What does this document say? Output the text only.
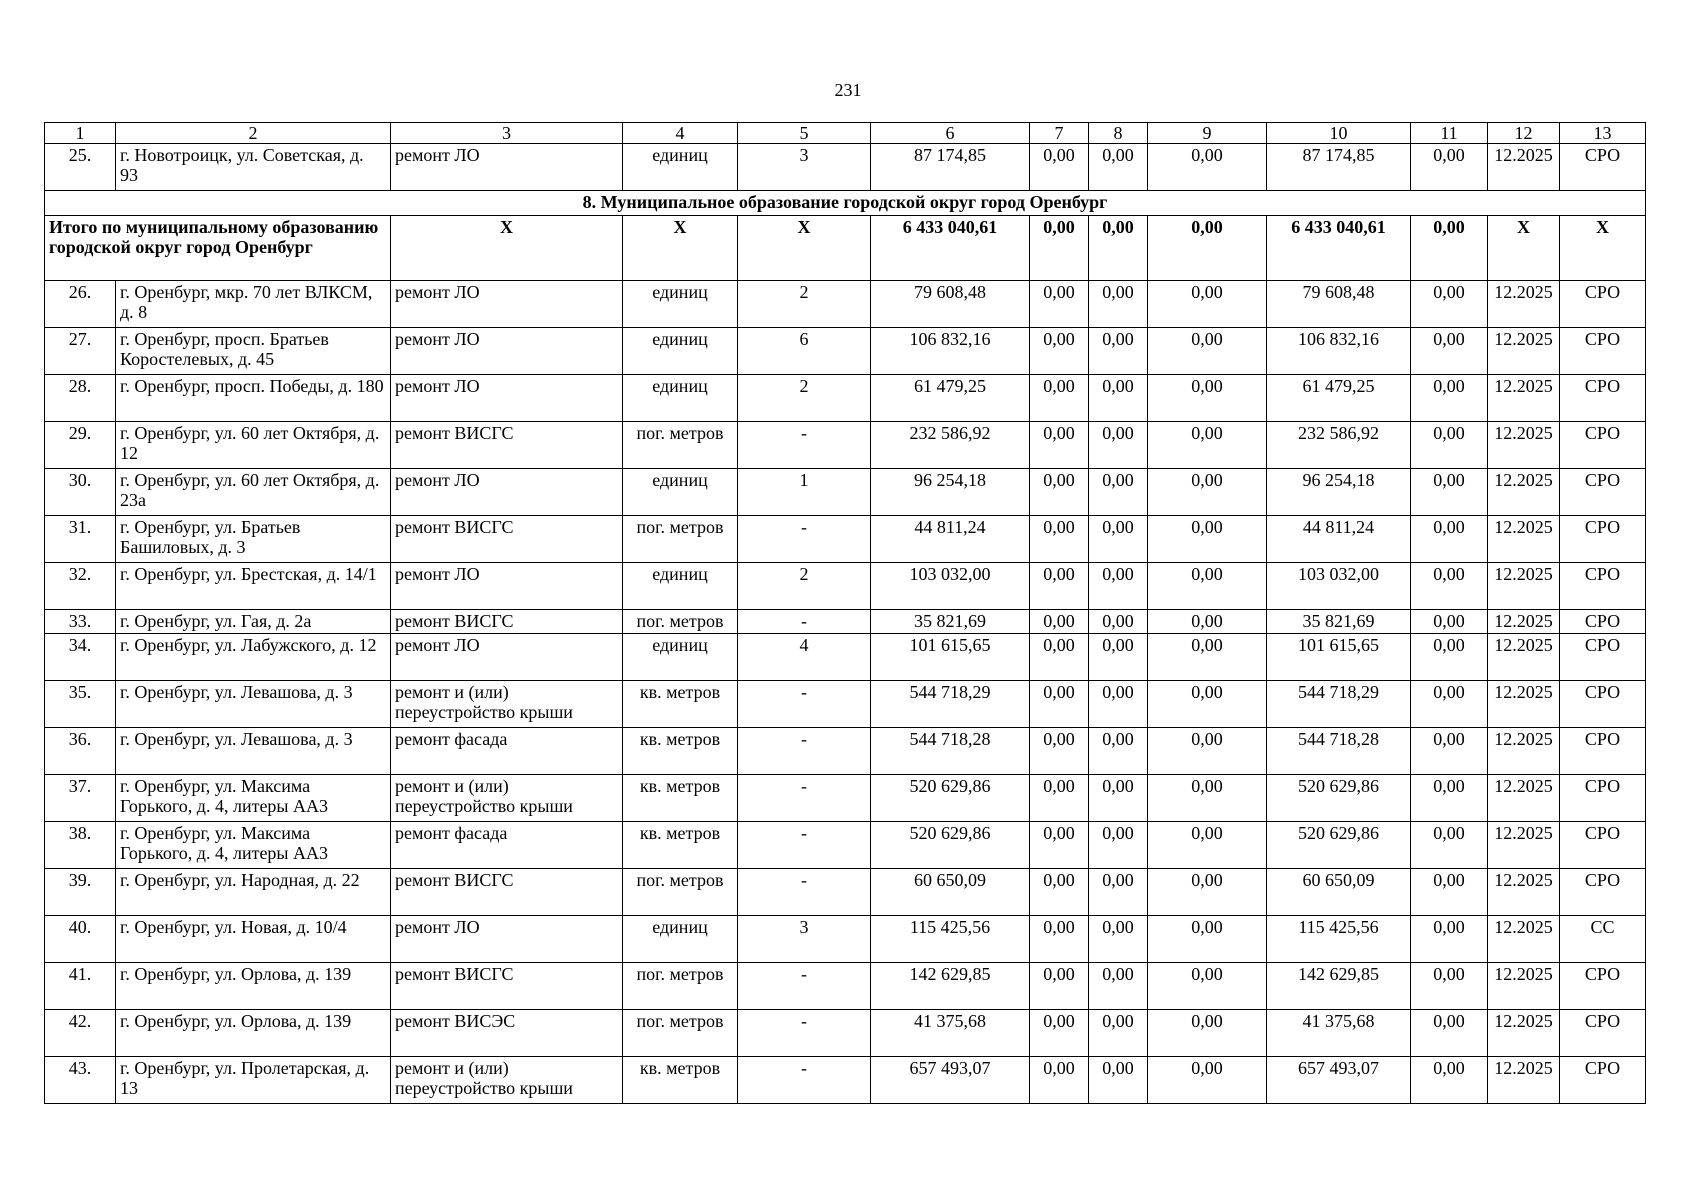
231
1	2	3	4	5	6	7	8	9	10	11	12	13
25.	г. Новотроицк, ул. Советская, д. 93	ремонт ЛО	единиц	3	87 174,85	0,00	0,00	0,00	87 174,85	0,00	12.2025	СРО
8. Муниципальное образование городской округ город Оренбург												
Итого по муниципальному образованию городской округ город Оренбург		X	X	X	6 433 040,61	0,00	0,00	0,00	6 433 040,61	0,00	X	X
26.	г. Оренбург, мкр. 70 лет ВЛКСМ, д. 8	ремонт ЛО	единиц	2	79 608,48	0,00	0,00	0,00	79 608,48	0,00	12.2025	СРО
27.	г. Оренбург, просп. Братьев Коростелевых, д. 45	ремонт ЛО	единиц	6	106 832,16	0,00	0,00	0,00	106 832,16	0,00	12.2025	СРО
28.	г. Оренбург, просп. Победы, д. 180	ремонт ЛО	единиц	2	61 479,25	0,00	0,00	0,00	61 479,25	0,00	12.2025	СРО
29.	г. Оренбург, ул. 60 лет Октября, д. 12	ремонт ВИСГС	пог. метров	-	232 586,92	0,00	0,00	0,00	232 586,92	0,00	12.2025	СРО
30.	г. Оренбург, ул. 60 лет Октября, д. 23а	ремонт ЛО	единиц	1	96 254,18	0,00	0,00	0,00	96 254,18	0,00	12.2025	СРО
31.	г. Оренбург, ул. Братьев Башиловых, д. 3	ремонт ВИСГС	пог. метров	-	44 811,24	0,00	0,00	0,00	44 811,24	0,00	12.2025	СРО
32.	г. Оренбург, ул. Брестская, д. 14/1	ремонт ЛО	единиц	2	103 032,00	0,00	0,00	0,00	103 032,00	0,00	12.2025	СРО
33.	г. Оренбург, ул. Гая, д. 2а	ремонт ВИСГС	пог. метров	-	35 821,69	0,00	0,00	0,00	35 821,69	0,00	12.2025	СРО
34.	г. Оренбург, ул. Лабужского, д. 12	ремонт ЛО	единиц	4	101 615,65	0,00	0,00	0,00	101 615,65	0,00	12.2025	СРО
35.	г. Оренбург, ул. Левашова, д. 3	ремонт и (или) переустройство крыши	кв. метров	-	544 718,29	0,00	0,00	0,00	544 718,29	0,00	12.2025	СРО
36.	г. Оренбург, ул. Левашова, д. 3	ремонт фасада	кв. метров	-	544 718,28	0,00	0,00	0,00	544 718,28	0,00	12.2025	СРО
37.	г. Оренбург, ул. Максима Горького, д. 4, литеры АА3	ремонт и (или) переустройство крыши	кв. метров	-	520 629,86	0,00	0,00	0,00	520 629,86	0,00	12.2025	СРО
38.	г. Оренбург, ул. Максима Горького, д. 4, литеры АА3	ремонт фасада	кв. метров	-	520 629,86	0,00	0,00	0,00	520 629,86	0,00	12.2025	СРО
39.	г. Оренбург, ул. Народная, д. 22	ремонт ВИСГС	пог. метров	-	60 650,09	0,00	0,00	0,00	60 650,09	0,00	12.2025	СРО
40.	г. Оренбург, ул. Новая, д. 10/4	ремонт ЛО	единиц	3	115 425,56	0,00	0,00	0,00	115 425,56	0,00	12.2025	СС
41.	г. Оренбург, ул. Орлова, д. 139	ремонт ВИСГС	пог. метров	-	142 629,85	0,00	0,00	0,00	142 629,85	0,00	12.2025	СРО
42.	г. Оренбург, ул. Орлова, д. 139	ремонт ВИСЭС	пог. метров	-	41 375,68	0,00	0,00	0,00	41 375,68	0,00	12.2025	СРО
43.	г. Оренбург, ул. Пролетарская, д. 13	ремонт и (или) переустройство крыши	кв. метров	-	657 493,07	0,00	0,00	0,00	657 493,07	0,00	12.2025	СРО
